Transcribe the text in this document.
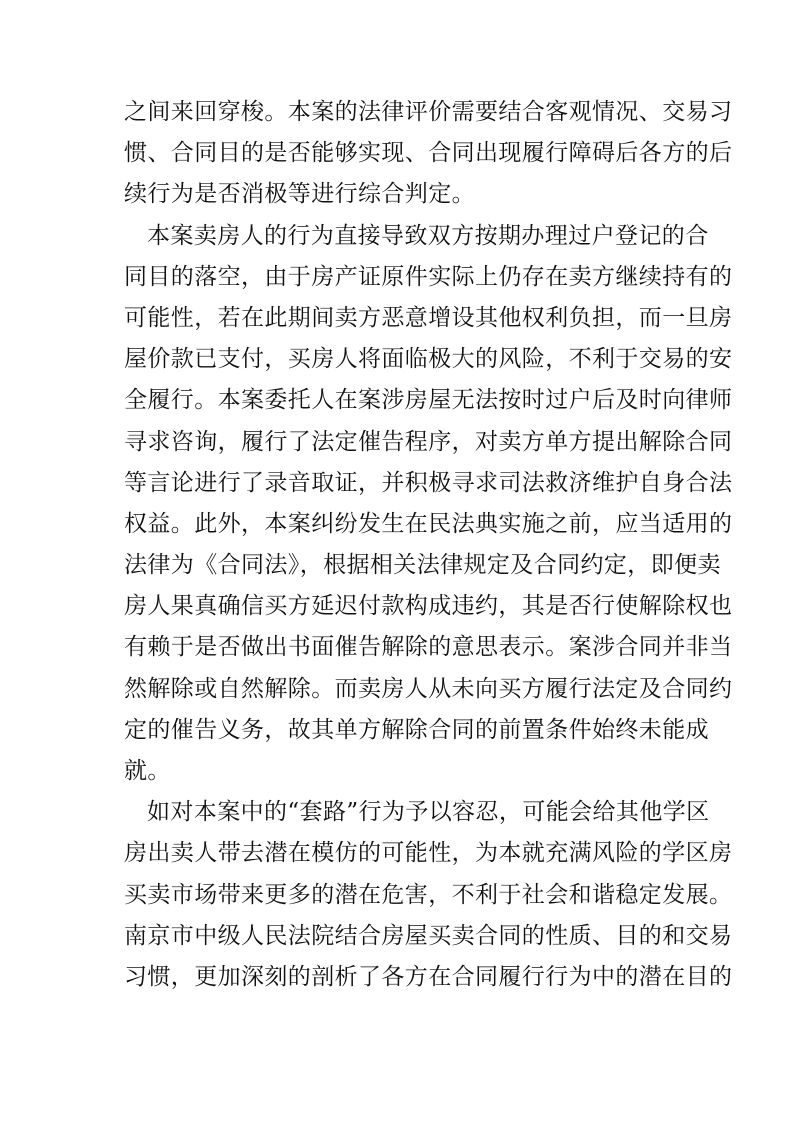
之间来回穿梭。本案的法律评价需要结合客观情况、交易习
惯、合同目的是否能够实现、合同出现履行障碍后各方的后
续行为是否消极等进行综合判定。
本案卖房人的行为直接导致双方按期办理过户登记的合
同目的落空，由于房产证原件实际上仍存在卖方继续持有的
可能性，若在此期间卖方恶意增设其他权利负担，而一旦房
屋价款已支付，买房人将面临极大的风险，不利于交易的安
全履行。本案委托人在案涉房屋无法按时过户后及时向律师
寻求咨询，履行了法定催告程序，对卖方单方提出解除合同
等言论进行了录音取证，并积极寻求司法救济维护自身合法
权益。此外，本案纠纷发生在民法典实施之前，应当适用的
法律为《合同法》，根据相关法律规定及合同约定，即便卖
房人果真确信买方延迟付款构成违约，其是否行使解除权也
有赖于是否做出书面催告解除的意思表示。案涉合同并非当
然解除或自然解除。而卖房人从未向买方履行法定及合同约
定的催告义务，故其单方解除合同的前置条件始终未能成
就。
如对本案中的“套路”行为予以容忍，可能会给其他学区
房出卖人带去潜在模仿的可能性，为本就充满风险的学区房
买卖市场带来更多的潜在危害，不利于社会和谐稳定发展。
南京市中级人民法院结合房屋买卖合同的性质、目的和交易
习惯，更加深刻的剖析了各方在合同履行行为中的潜在目的
